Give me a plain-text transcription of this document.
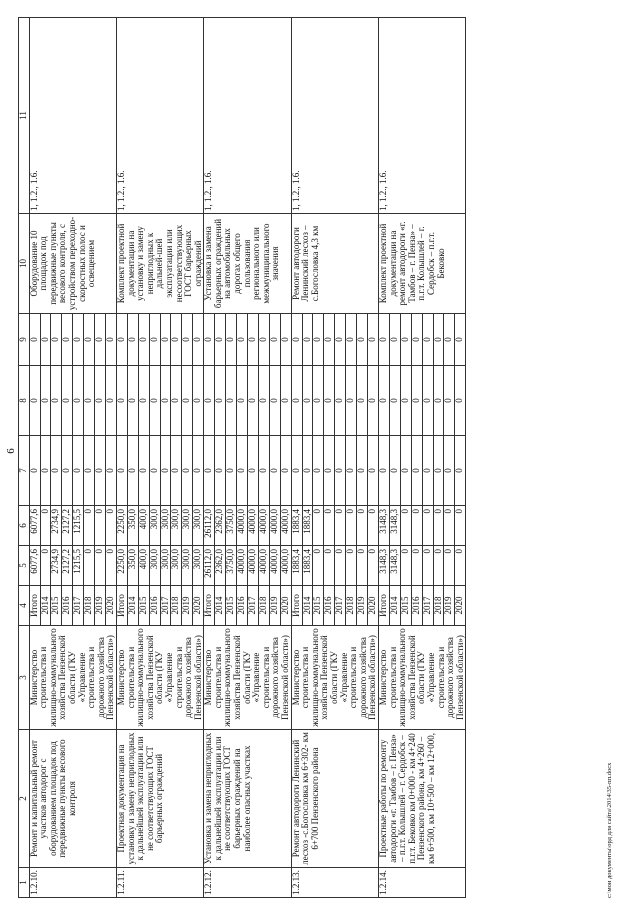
6
1	2	3	4	5	6	7	8	9	10	11
1.2.10.	Ремонт и капитальный ремонт участков автодорог с оборудованием площадок под передвижные пункты весового контроля	Министерство строительства и жилищно-коммунального хозяйства Пензенской области (ГКУ «Управление строительства и дорожного хозяйства Пензенской области»)	Итого	6077,6	6077,6	0	0	0	Оборудование 10 площадок под передвижные пункты весового контроля, с устройством переходно-скоростных полос и освещением	1, 1.2., 1.6.
			2014	0	0	0	0	0		
			2015	2734,9	2734,9	0	0	0		
			2016	2127,2	2127,2	0	0	0		
			2017	1215,5	1215,5	0	0	0		
			2018	0	0	0	0	0		
			2019	0	0	0	0	0		
			2020	0	0	0	0	0		
1.2.11.	Проектная документация на установку и замену неприглодных к дальнейшей эксплуатации или не соответствующих ГОСТ барьерных ограждений	Министерство строительства и жилищно-коммунального хозяйства Пензенской области (ГКУ «Управление строительства и дорожного хозяйства Пензенской области»)	Итого	2250,0	2250,0	0	0	0	Комплект проектной документации на установку и замену неприглодных к дальней-шей эксплуатации или несоответствующих ГОСТ барьерных ограждений	1, 1.2., 1.6.
			2014	350,0	350,0	0	0	0		
			2015	400,0	400,0	0	0	0		
			2016	300,0	300,0	0	0	0		
			2017	300,0	300,0	0	0	0		
			2018	300,0	300,0	0	0	0		
			2019	300,0	300,0	0	0	0		
			2020	300,0	300,0	0	0	0		
1.2.12.	Установка и замена неприглодных к дальнейшей эксплуатации или не соответствующих ГОСТ барьерных ограждений на наиболее опасных участках	Министерство строительства и жилищно-коммунального хозяйства Пензенской области (ГКУ «Управление строительства и дорожного хозяйства Пензенской области»)	Итого	26112,0	26112,0	0	0	0	Установка и замена барьерных ограждений на автомобильных дорогах общего пользования регионального или межмуниципального значения	1, 1.2., 1.6.
			2014	2362,0	2362,0	0	0	0		
			2015	3750,0	3750,0	0	0	0		
			2016	4000,0	4000,0	0	0	0		
			2017	4000,0	4000,0	0	0	0		
			2018	4000,0	4000,0	0	0	0		
			2019	4000,0	4000,0	0	0	0		
			2020	4000,0	4000,0	0	0	0		
1.2.13.	Ремонт автодороги Ленинский лесхоз -с.Богословка км 6+302- км 6+700 Пензенского района	Министерство строительства и жилищно-коммунального хозяйства Пензенской области (ГКУ «Управление строительства и дорожного хозяйства Пензенской области»)	Итого	1883,4	1883,4	0	0	0	Ремонт автодороги Ленинский лесхоз – с.Богословка 4,3 км	1, 1.2., 1.6.
			2014	1883,4	1883,4	0	0	0		
			2015	0	0	0	0	0		
			2016	0	0	0	0	0		
			2017	0	0	0	0	0		
			2018	0	0	0	0	0		
			2019	0	0	0	0	0		
			2020	0	0	0	0	0		
1.2.14.	Проектные работы по ремонту автодороги «г. Тамбов – г. Пенза» – п.г.т. Колышлей – г. Сердобск – п.г.т. Бековко км 0+000 - км 4+240 Пензенского района, км 4+260 – км 6+500, км 10+500 – км 12+000,	Министерство строительства и жилищно-коммунального хозяйства Пензенской области (ГКУ «Управление строительства и дорожного хозяйства Пензенской области»)	Итого	3148,3	3148,3	0	0	0	Комплект проектной документации на ремонт автодороги «г. Тамбов – г. Пенза» – п.г.т. Колышлей – г. Сердобск – п.г.т. Бековко	1, 1.2., 1.6.
			2014	3148,3	3148,3	0	0	0		
			2015	0	0	0	0	0		
			2016	0	0	0	0	0		
			2017	0	0	0	0	0		
			2018	0	0	0	0	0		
			2019	0	0	0	0	0		
			2020	0	0	0	0	0		
c:\мои документы\орд для сайта\2014\35-пп.docx
